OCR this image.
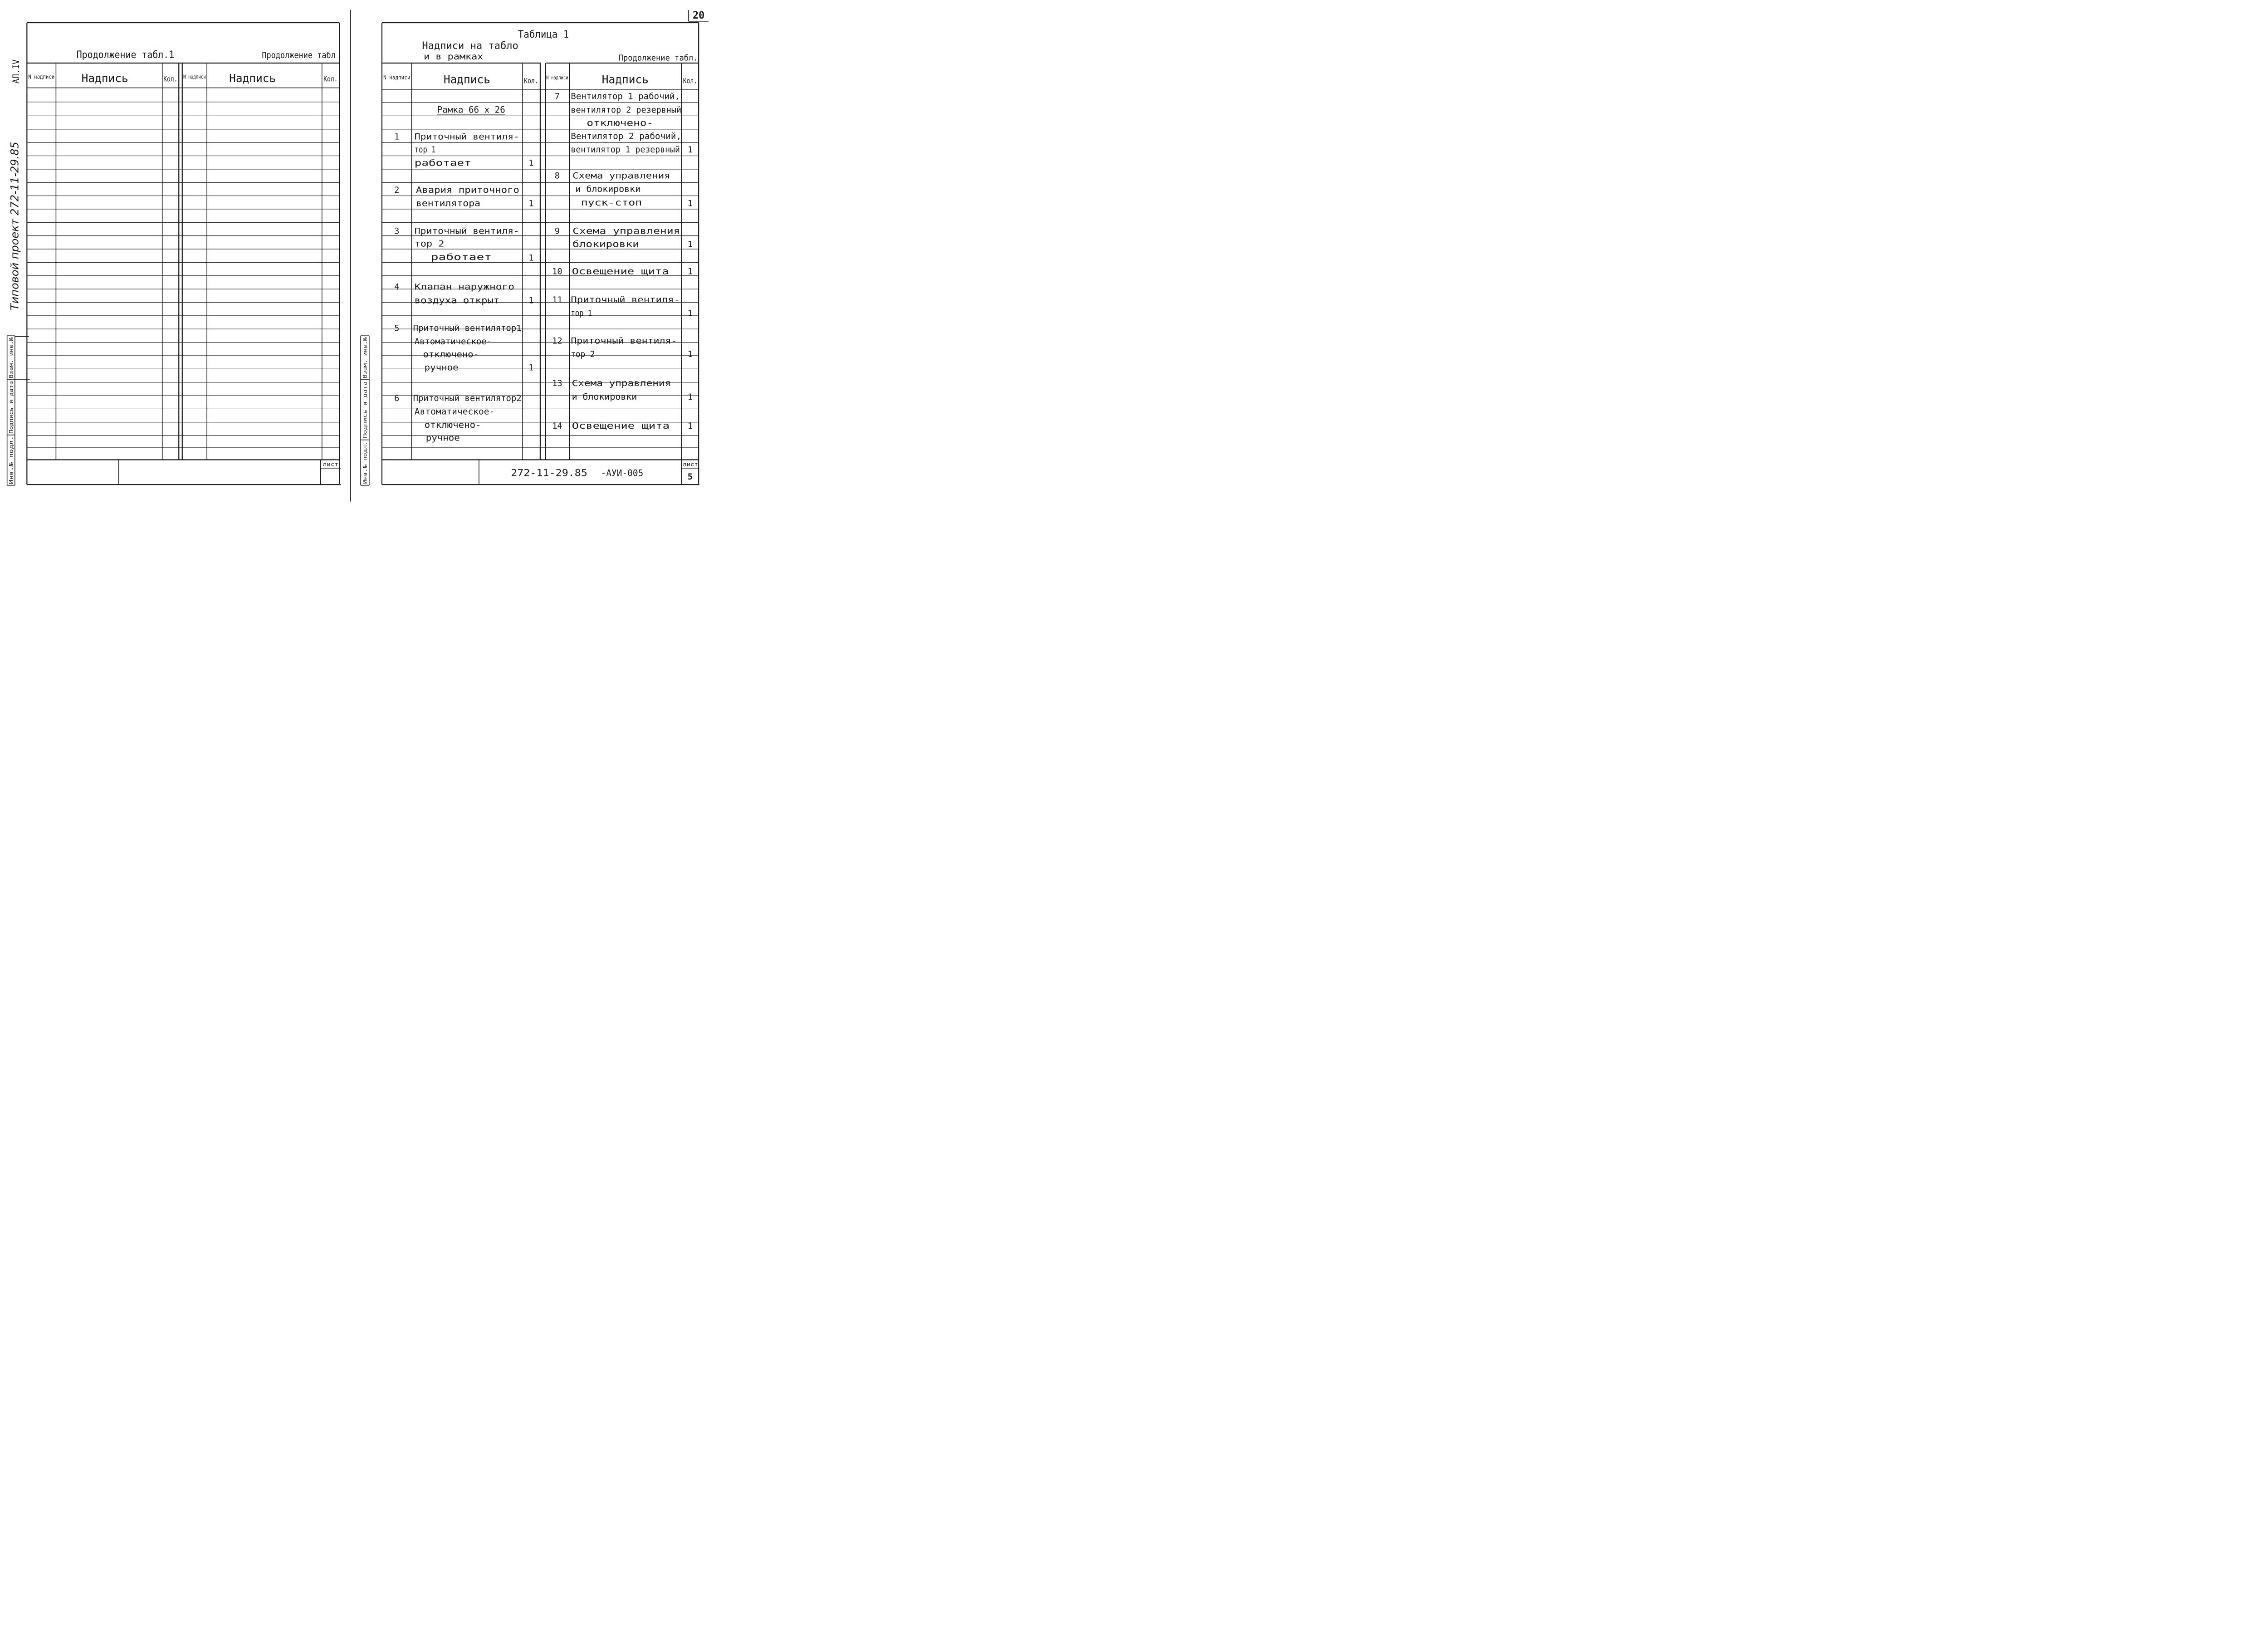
20
Продолжение табл.1	Продолжение табл
N надписи Надпись Кол. N надписи Надпись Кол.
лист
АЛ.IV
Типовой проект 272-11-29.85
Взам. инв.№
Подпись и дата
Инв.№ подл.
Таблица 1
Надписи на табло
и в рамках	Продолжение табл.
N надписи Надпись Кол. N надписи Надпись Кол.
Рамка 66 х 26
1 Приточный вентиля-
тор 1
работает 1
2 Авария приточного
вентилятора 1
3 Приточный вентиля-
тор 2
работает 1
4 Клапан наружного
воздуха открыт 1
5 Приточный вентилятор1
Автоматическое-
отключено-
ручное	1
6 Приточный вентилятор2
Автоматическое-
отключено-
ручное
7 Вентилятор 1 рабочий,
вентилятор 2 резервный
отключено-
Вентилятор 2 рабочий,
вентилятор 1 резервный 1
8 Схема управления
и блокировки
пуск-стоп 1
9 Схема управления
блокировки 1
10 Освещение щита 1
11 Приточный вентиля-
тор 1	1
12 Приточный вентиля-
тор 2	1
13 Схема управления
и блокировки 1
14 Освещение щита 1
272-11-29.85 -АУИ-005
лист
5
Взам. инв.№
Подпись и дата
Инв.№ подл.
